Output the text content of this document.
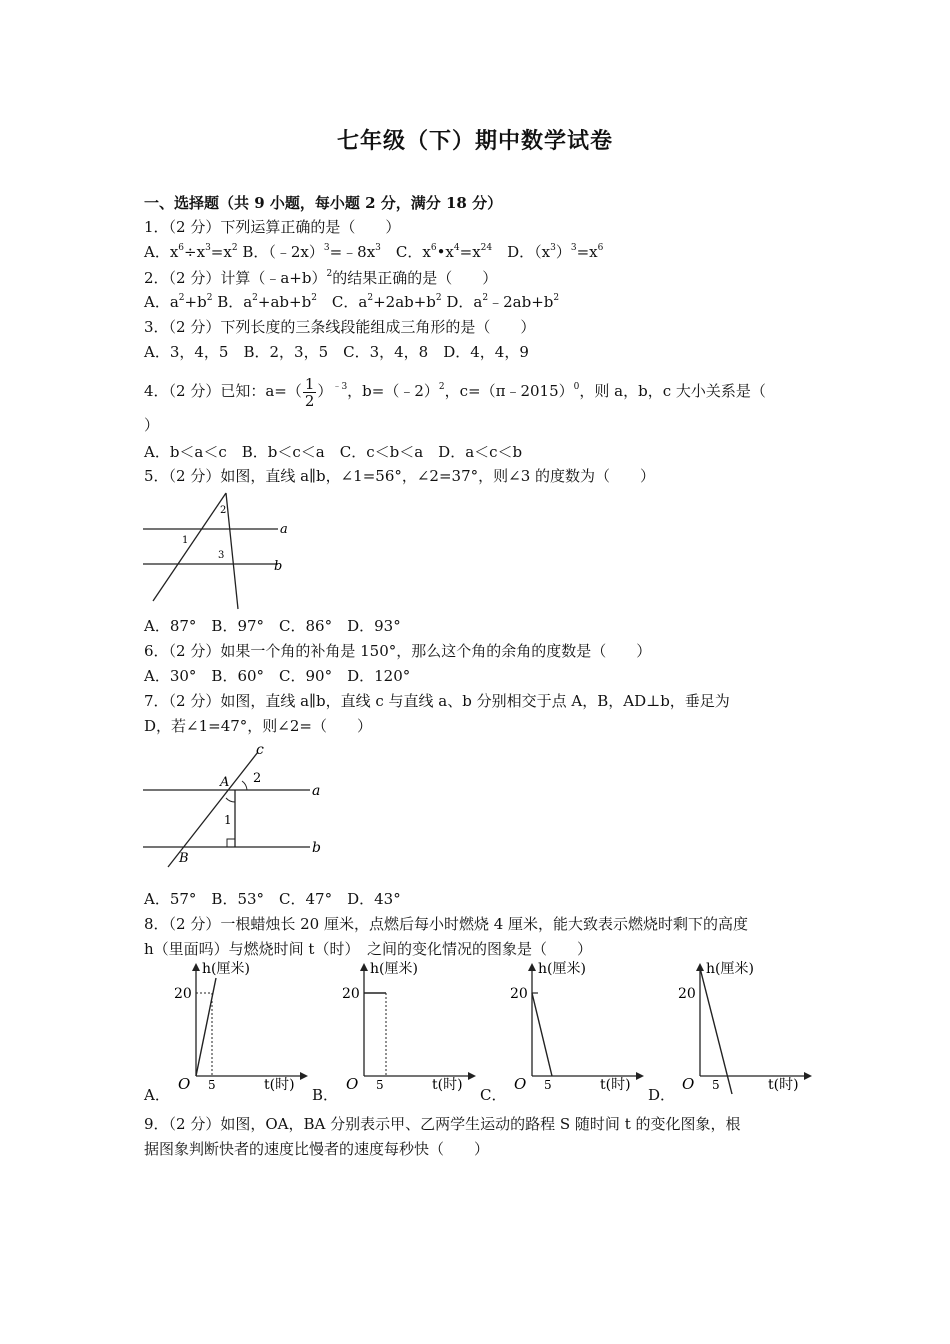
七年级（下）期中数学试卷
一、选择题（共 9 小题，每小题 2 分，满分 18 分）
1．（2 分）下列运算正确的是（　　）
A．$x^6\div x^3=x^2$ B．$(﹣2x)^3=﹣8x^3$　C．$x^6•x^4=x^{24}$　D．$(x^3)^3=x^6$
2．（2 分）计算（﹣a+b）$^2$的结果正确的是（　　）
A．$a^2+b^2$ B．$a^2+ab+b^2$　C．$a^2+2ab+b^2$ D．$a^2﹣2ab+b^2$
3．（2 分）下列长度的三条线段能组成三角形的是（　　）
A．3，4，5　B．2，3，5　C．3，4，8　D．4，4，9
4．（2 分）已知：$a=( \frac{1}{2} )^{﹣3}$，b=（﹣2）$^2$，c=（π﹣2015）$^0$，则 a，b，c 大小关系是（
）
A．b＜a＜c　B．b＜c＜a　C．c＜b＜a　D．a＜c＜b
5．（2 分）如图，直线 a∥b，∠1=56°，∠2=37°，则∠3 的度数为（　　）
1
2
3
a
b
A．87°　B．97°　C．86°　D．93°
6．（2 分）如果一个角的补角是 150°，那么这个角的余角的度数是（　　）
A．30°　B．60°　C．90°　D．120°
7．（2 分）如图，直线 a∥b，直线 c 与直线 a、b 分别相交于点 A，B，AD⊥b，垂足为
D，若∠1=47°，则∠2=（　　）
c
A 2
a
1
B
b
A．57°　B．53°　C．47°　D．43°
8．（2 分）一根蜡烛长 20 厘米，点燃后每小时燃烧 4 厘米，能大致表示燃烧时剩下的高度
h（里面吗）与燃烧时间 t（时）　之间的变化情况的图象是（　　）
h(厘米)
20
5
O	t(时)
A．
h(厘米)
20
5
O	t(时)
B．
h(厘米)
20
5
O	t(时)
C．
h(厘米)
20
5
O	t(时)
D．
9．（2 分）如图，OA，BA 分别表示甲、乙两学生运动的路程 S 随时间 t 的变化图象，根
据图象判断快者的速度比慢者的速度每秒快（　　）
